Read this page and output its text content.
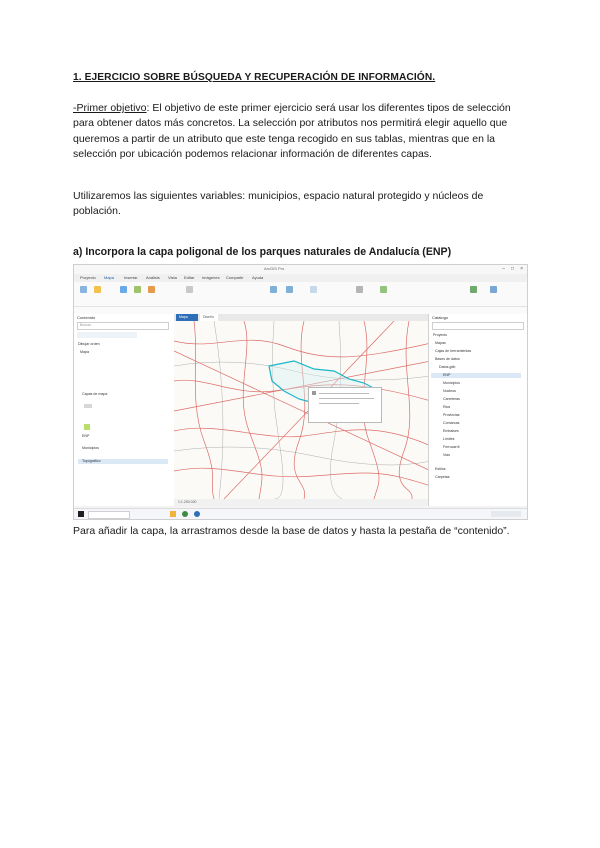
1. EJERCICIO SOBRE BÚSQUEDA Y RECUPERACIÓN DE INFORMACIÓN.
-Primer objetivo: El objetivo de este primer ejercicio será usar los diferentes tipos de selección para obtener datos más concretos. La selección por atributos nos permitirá elegir aquello que queremos a partir de un atributo que este tenga recogido en sus tablas, mientras que en la selección por ubicación podemos relacionar información de diferentes capas.
Utilizaremos las siguientes variables: municipios, espacio natural protegido y núcleos de población.
a) Incorpora la capa poligonal de los parques naturales de Andalucía (ENP)
ArcGIS Pro	– □ ×
Proyecto Mapa Insertar Análisis Vista Editar Imágenes Compartir Ayuda
Contenido
Buscar
Dibujar orden
Mapa
Capas de mapa
ENP
Municipios
Topográfico
Mapa	Diseño
1:1.250.000
Catálogo
Proyecto
Mapas
Cajas de herramientas
Bases de datos
Datos.gdb
ENP
Municipios
Nucleos
Carreteras
Rios
Provincias
Comarcas
Embalses
Limites
Ferrocarril
Vias
Estilos
Carpetas
Para añadir la capa, la arrastramos desde la base de datos y hasta la pestaña de “contenido”.
